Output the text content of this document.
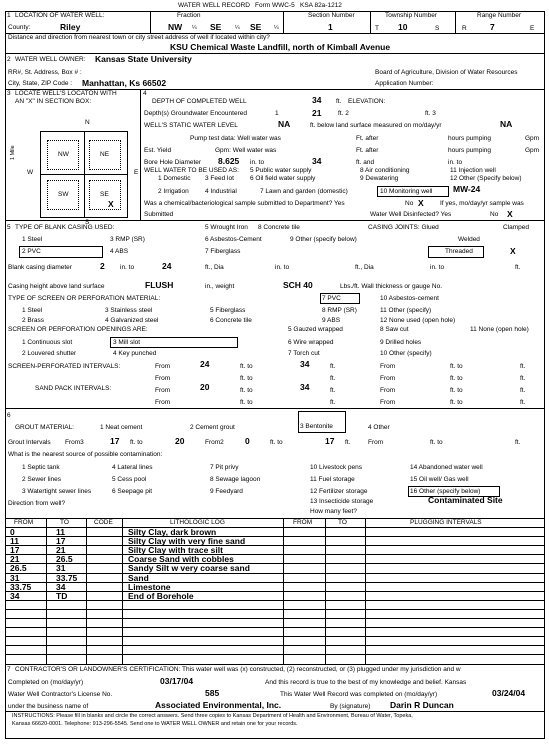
WATER WELL RECORD Form WWC-5 KSA 82a-1212
1 LOCATION OF WATER WELL:
County:	Riley
Fraction
NW ¼ SE ¼ SE ¼
Section Number
1
Township Number
T 10	S
Range Number
R	7	E
Distance and direction from nearest town or city street address of well if located within city?
KSU Chemical Waste Landfill, north of Kimball Avenue
2 WATER WELL OWNER: Kansas State University
RR#, St. Address, Box # :	Board of Agriculture, Division of Water Resources
City, State, ZIP Code : Manhattan, Ks 66502	Application Number:
3 LOCATE WELL'S LOCATON WITH
AN "X" IN SECTION BOX:
N
S
W	E
1 Mile	NW	NE
SW	SE
X
4
DEPTH OF COMPLETED WELL	34 ft. ELEVATION:
Depth(s) Groundwater Encountered	1	21	ft. 2	ft. 3
WELL'S STATIC WATER LEVEL	NA	ft. below land surface measured on mo/day/yr	NA
Pump test data: Well water was	Ft. after	hours pumping	Gpm
Est. Yield	Gpm: Well water was	Ft. after	hours pumping	Gpm
Bore Hole Diameter 8.625 in. to	34	ft. and	in. to
WELL WATER TO BE USED AS: 5 Public water supply	8 Air conditioning	11 Injection well
1 Domestic 3 Feed lot 6 Oil field water supply	9 Dewatering	12 Other (Specify below)
2 Irrigation	4 Industrial	7 Lawn and garden (domestic)	10 Monitoring well MW-24
Was a chemical/bacteriological sample submitted to Department? Yes	No X	If yes, mo/day/yr sample was
Submitted	Water Well Disinfected? Yes	No X
5 TYPE OF BLANK CASING USED:	5 Wrought Iron 8 Concrete tile	CASING JOINTS: Glued	Clamped
1 Steel	3 RMP (SR)	6 Asbestos-Cement	9 Other (specify below)	Welded
2 PVC	4 ABS	7 Fiberglass	Threaded	X
Blank casing diameter	2 in. to	24	ft., Dia	in. to	ft., Dia	in. to	ft.
Casing height above land surface	FLUSH	in., weight	SCH 40	Lbs./ft. Wall thickness or gauge No.
TYPE OF SCREEN OR PERFORATION MATERIAL:	7 PVC	10 Asbestos-cement
1 Steel	3 Stainless steel	5 Fiberglass	8 RMP (SR)	11 Other (specify)
2 Brass	4 Galvanized steel	6 Concrete tile	9 ABS	12 None used (open hole)
SCREEN OR PERFORATION OPENINGS ARE:	5 Gauzed wrapped	8 Saw cut	11 None (open hole)
1 Continuous slot	3 Mill slot	6 Wire wrapped	9 Drilled holes
2 Louvered shutter	4 Key punched	7 Torch cut	10 Other (specify)
SCREEN-PERFORATED INTERVALS:	From	24	ft. to	34	ft.	From	ft. to	ft.
From	ft. to	ft.	From	ft. to	ft.
SAND PACK INTERVALS:	From	20	ft. to	34	ft.	From	ft. to	ft.
From	ft. to	ft.	From	ft. to	ft.
6
GROUT MATERIAL:	1 Neat cement	2 Cement grout	3 Bentonite	4 Other
Grout Intervals From3	17 ft. to	20	From2 0	ft. to	17 ft.	From	ft. to	ft.
What is the nearest source of possible contamination:
1 Septic tank	4 Lateral lines	7 Pit privy	10 Livestock pens	14 Abandoned water well
2 Sewer lines	5 Cess pool	8 Sewage lagoon	11 Fuel storage	15 Oil well/ Gas well
3 Watertight sewer lines	6 Seepage pit	9 Feedyard	12 Fertilizer storage	16 Other (specify below)
13 Insecticide storage	Contaminated Site
Direction from well?
How many feet?
FROM	TO	CODE	LITHOLOGIC LOG	FROM	TO	PLUGGING INTERVALS
0	11	Silty Clay, dark brown
11	17	Silty Clay with very fine sand
17	21	Silty Clay with trace silt
21	26.5	Coarse Sand with cobbles
26.5	31	Sandy Silt w very coarse sand
31	33.75	Sand
33.75	34	Limestone
34	TD	End of Borehole
7 CONTRACTOR'S OR LANDOWNER'S CERTIFICATION: This water well was (x) constructed, (2) reconstructed, or (3) plugged under my jurisdiction and w
Completed on (mo/day/yr)	03/17/04	And this record is true to the best of my knowledge and belief. Kansas
Water Well Contractor's License No.	585	This Water Well Record was completed on (mo/day/yr)	03/24/04
under the business name of	Associated Environmental, Inc.	By (signature) Darin R Duncan
INSTRUCTIONS: Please fill in blanks and circle the correct answers. Send three copies to Kansas Department of Health and Environment, Bureau of Water, Topeka,
Kansas 66620-0001. Telephone: 913-296-5545. Send one to WATER WELL OWNER and retain one for your records.
